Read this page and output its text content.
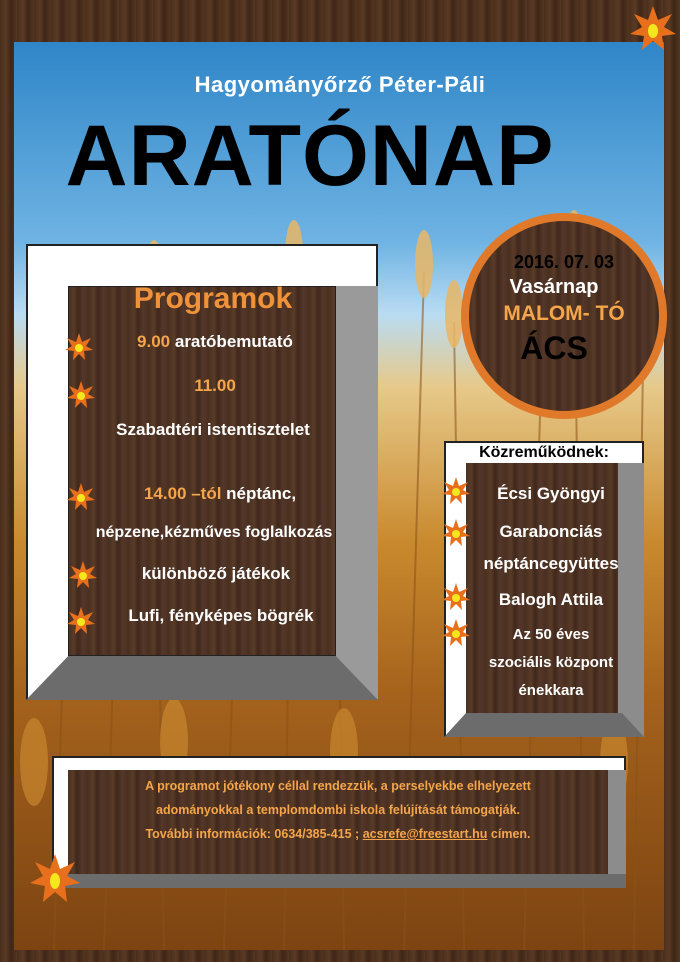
Hagyományőrző Péter-Páli
ARATÓNAP
Programok
9.00 aratóbemutató
11.00
Szabadtéri istentisztelet
14.00 –tól néptánc,
népzene,kézműves foglalkozás
különböző játékok
Lufi, fényképes bögrék
2016. 07. 03
Vasárnap
MALOM- TÓ
ÁCS
Közreműködnek:
Écsi Gyöngyi
Garabonciás
néptáncegyüttes
Balogh Attila
Az 50 éves
szociális központ
énekkara
A programot jótékony céllal rendezzük, a perselyekbe elhelyezett
adományokkal a templomdombi iskola felújítását támogatják.
További információk: 0634/385-415 ; acsrefe@freestart.hu címen.
